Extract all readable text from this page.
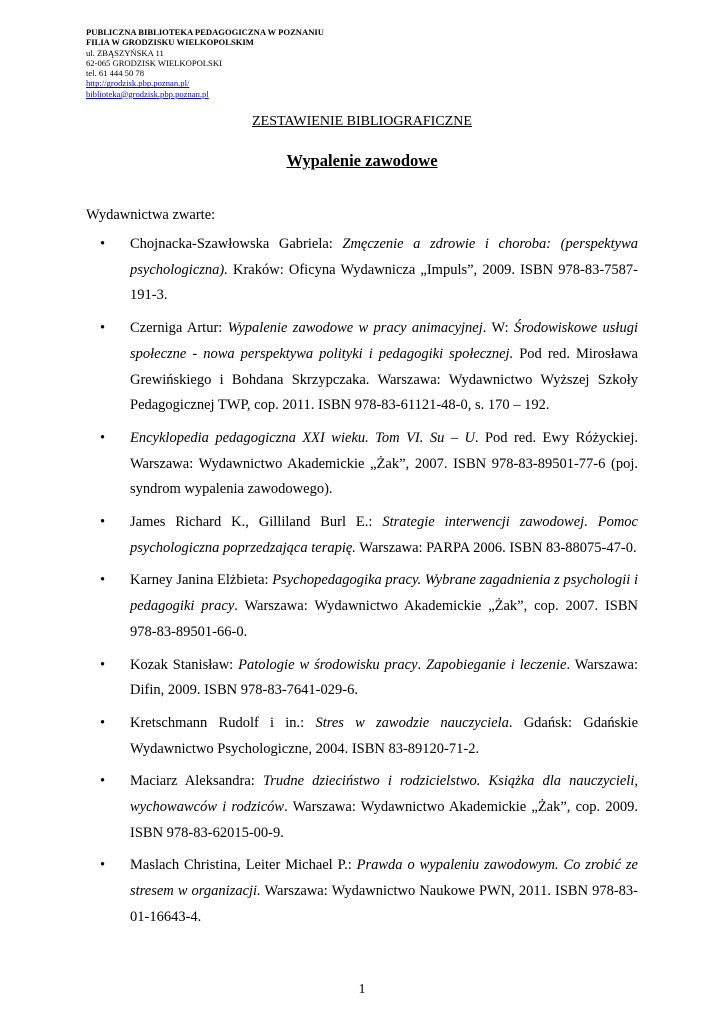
PUBLICZNA BIBLIOTEKA PEDAGOGICZNA W POZNANIU
FILIA W GRODZISKU WIELKOPOLSKIM
ul. ZBĄSZYŃSKA 11
62-065 GRODZISK WIELKOPOLSKI
tel. 61 444 50 78
http://grodzisk.pbp.poznan.pl/
biblioteka@grodzisk.pbp.poznan.pl
ZESTAWIENIE BIBLIOGRAFICZNE
Wypalenie zawodowe
Wydawnictwa zwarte:
• Chojnacka-Szawłowska Gabriela: Zmęczenie a zdrowie i choroba: (perspektywa psychologiczna). Kraków: Oficyna Wydawnicza „Impuls”, 2009. ISBN 978-83-7587-191-3.
• Czerniga Artur: Wypalenie zawodowe w pracy animacyjnej. W: Środowiskowe usługi społeczne - nowa perspektywa polityki i pedagogiki społecznej. Pod red. Mirosława Grewińskiego i Bohdana Skrzypczaka. Warszawa: Wydawnictwo Wyższej Szkoły Pedagogicznej TWP, cop. 2011. ISBN 978-83-61121-48-0, s. 170 – 192.
• Encyklopedia pedagogiczna XXI wieku. Tom VI. Su – U. Pod red. Ewy Różyckiej. Warszawa: Wydawnictwo Akademickie „Żak”, 2007. ISBN 978-83-89501-77-6 (poj. syndrom wypalenia zawodowego).
• James Richard K., Gilliland Burl E.: Strategie interwencji zawodowej. Pomoc psychologiczna poprzedzająca terapię. Warszawa: PARPA 2006. ISBN 83-88075-47-0.
• Karney Janina Elżbieta: Psychopedagogika pracy. Wybrane zagadnienia z psychologii i pedagogiki pracy. Warszawa: Wydawnictwo Akademickie „Żak”, cop. 2007. ISBN 978-83-89501-66-0.
• Kozak Stanisław: Patologie w środowisku pracy. Zapobieganie i leczenie. Warszawa: Difin, 2009. ISBN 978-83-7641-029-6.
• Kretschmann Rudolf i in.: Stres w zawodzie nauczyciela. Gdańsk: Gdańskie Wydawnictwo Psychologiczne, 2004. ISBN 83-89120-71-2.
• Maciarz Aleksandra: Trudne dzieciństwo i rodzicielstwo. Książka dla nauczycieli, wychowawców i rodziców. Warszawa: Wydawnictwo Akademickie „Żak”, cop. 2009. ISBN 978-83-62015-00-9.
• Maslach Christina, Leiter Michael P.: Prawda o wypaleniu zawodowym. Co zrobić ze stresem w organizacji. Warszawa: Wydawnictwo Naukowe PWN, 2011. ISBN 978-83-01-16643-4.
1
